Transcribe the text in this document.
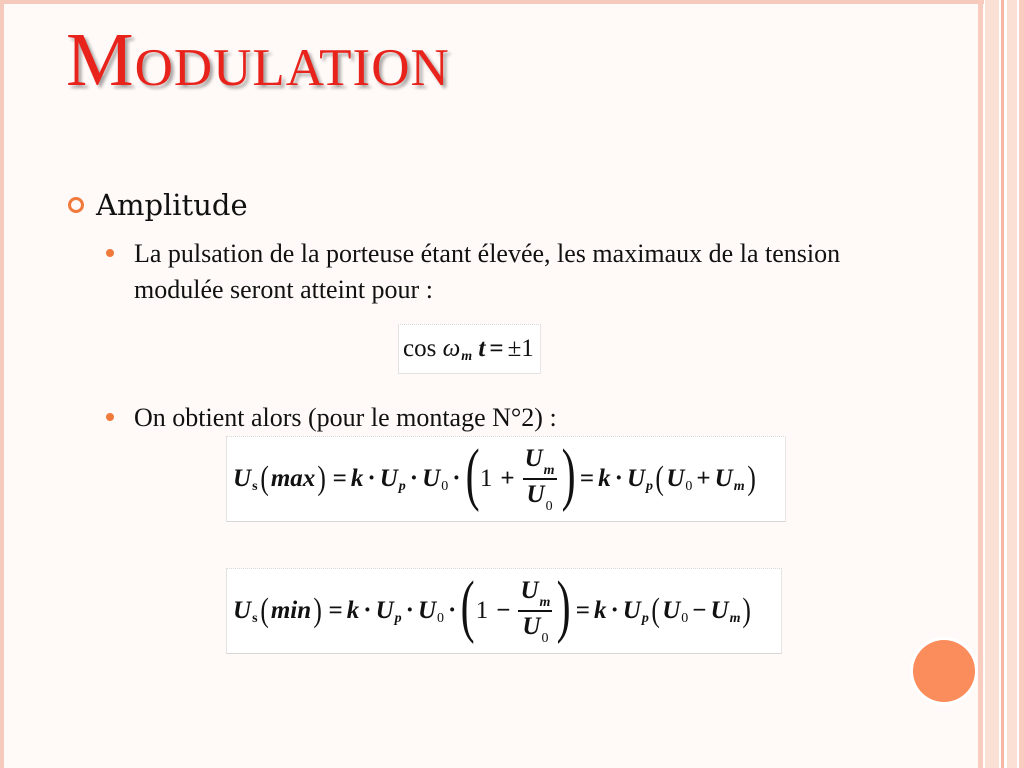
Modulation
Amplitude
La pulsation de la porteuse étant élevée, les maximaux de la tension modulée seront atteint pour :
cos
ω m
t = ±1
On obtient alors (pour le montage N°2) :
U s ( max ) = k · U p · U 0 · ( $1 + \frac{U_m}{U_0}$ ) = k · U p ( U 0 + U m )
U s ( min ) = k · U p · U 0 · ( $1 - \frac{U_m}{U_0}$ ) = k · U p ( U 0 − U m )
